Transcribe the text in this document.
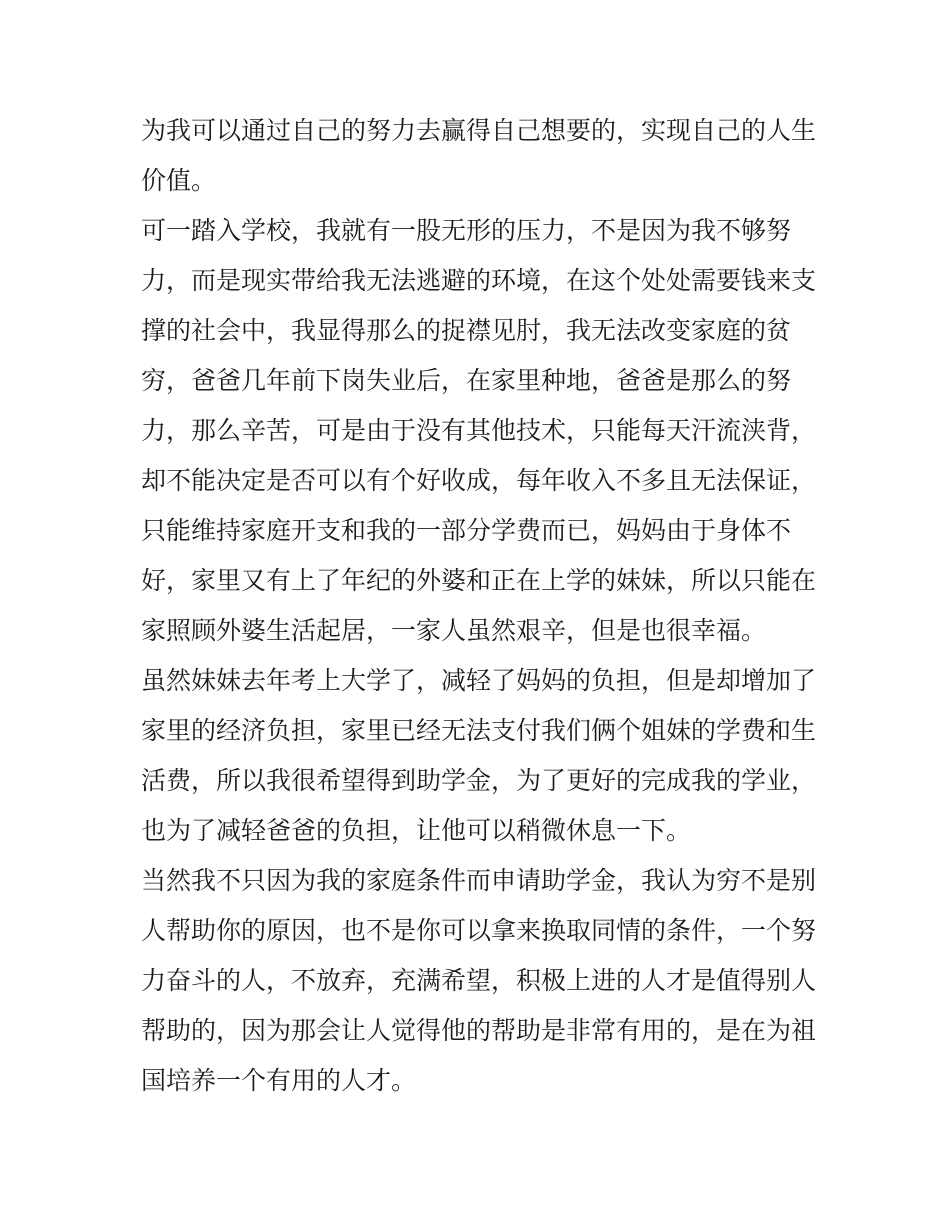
为我可以通过自己的努力去赢得自己想要的，实现自己的人生
价值。
可一踏入学校，我就有一股无形的压力，不是因为我不够努
力，而是现实带给我无法逃避的环境，在这个处处需要钱来支
撑的社会中，我显得那么的捉襟见肘，我无法改变家庭的贫
穷，爸爸几年前下岗失业后，在家里种地，爸爸是那么的努
力，那么辛苦，可是由于没有其他技术，只能每天汗流浃背，
却不能决定是否可以有个好收成，每年收入不多且无法保证，
只能维持家庭开支和我的一部分学费而已，妈妈由于身体不
好，家里又有上了年纪的外婆和正在上学的妹妹，所以只能在
家照顾外婆生活起居，一家人虽然艰辛，但是也很幸福。
虽然妹妹去年考上大学了，减轻了妈妈的负担，但是却增加了
家里的经济负担，家里已经无法支付我们俩个姐妹的学费和生
活费，所以我很希望得到助学金，为了更好的完成我的学业，
也为了减轻爸爸的负担，让他可以稍微休息一下。
当然我不只因为我的家庭条件而申请助学金，我认为穷不是别
人帮助你的原因，也不是你可以拿来换取同情的条件，一个努
力奋斗的人，不放弃，充满希望，积极上进的人才是值得别人
帮助的，因为那会让人觉得他的帮助是非常有用的，是在为祖
国培养一个有用的人才。
